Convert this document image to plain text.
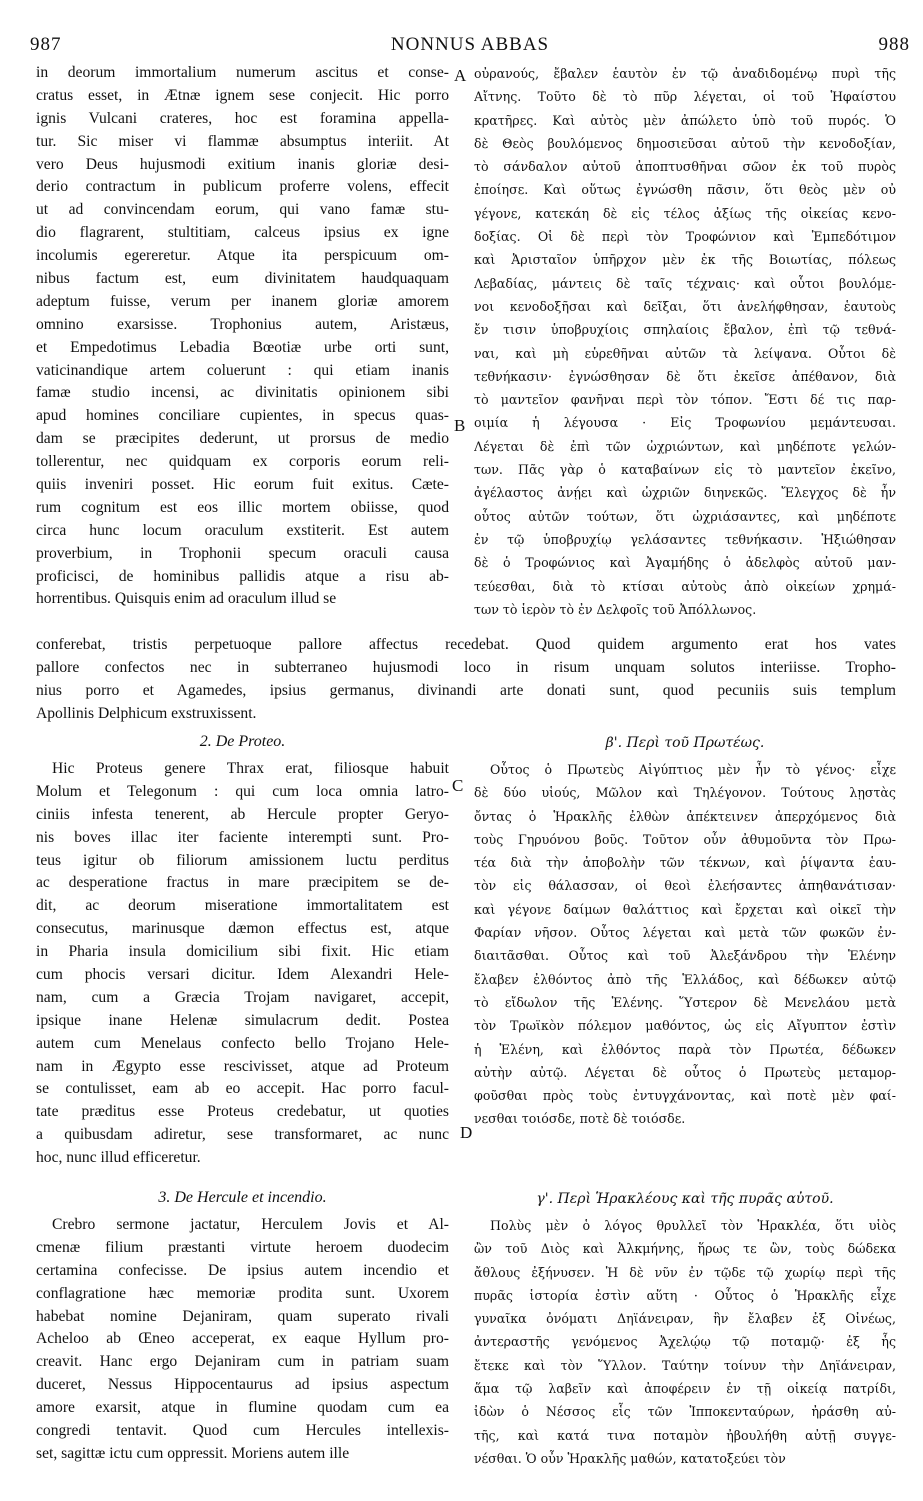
987	NONNUS ABBAS	988
in deorum immortalium numerum ascitus et conse-
cratus esset, in Ætnæ ignem sese conjecit. Hic porro
ignis Vulcani crateres, hoc est foramina appella-
tur. Sic miser vi flammæ absumptus interiit. At
vero Deus hujusmodi exitium inanis gloriæ desi-
derio contractum in publicum proferre volens, effecit
ut ad convincendam eorum, qui vano famæ stu-
dio flagrarent, stultitiam, calceus ipsius ex igne
incolumis egereretur. Atque ita perspicuum om-
nibus factum est, eum divinitatem haudquaquam
adeptum fuisse, verum per inanem gloriæ amorem
omnino exarsisse. Trophonius autem, Aristæus,
et Empedotimus Lebadia Bœotiæ urbe orti sunt,
vaticinandique artem coluerunt : qui etiam inanis
famæ studio incensi, ac divinitatis opinionem sibi
apud homines conciliare cupientes, in specus quas-
dam se præcipites dederunt, ut prorsus de medio
tollerentur, nec quidquam ex corporis eorum reli-
quiis inveniri posset. Hic eorum fuit exitus. Cæte-
rum cognitum est eos illic mortem obiisse, quod
circa hunc locum oraculum exstiterit. Est autem
proverbium, in Trophonii specum oraculi causa
proficisci, de hominibus pallidis atque a risu ab-
horrentibus. Quisquis enim ad oraculum illud se
οὐρανούς, ἔβαλεν ἑαυτὸν ἐν τῷ ἀναδιδομένῳ πυρὶ τῆς
Αἴτνης. Τοῦτο δὲ τὸ πῦρ λέγεται, οἱ τοῦ Ἡφαίστου
κρατῆρες. Καὶ αὐτὸς μὲν ἀπώλετο ὑπὸ τοῦ πυρός. Ὁ
δὲ Θεὸς βουλόμενος δημοσιεῦσαι αὐτοῦ τὴν κενοδοξίαν,
τὸ σάνδαλον αὐτοῦ ἀποπτυσθῆναι σῶον ἐκ τοῦ πυρὸς
ἐποίησε. Καὶ οὕτως ἐγνώσθη πᾶσιν, ὅτι θεὸς μὲν οὐ
γέγονε, κατεκάη δὲ εἰς τέλος ἀξίως τῆς οἰκείας κενο-
δοξίας. Οἱ δὲ περὶ τὸν Τροφώνιον καὶ Ἐμπεδότιμον
καὶ Ἀρισταῖον ὑπῆρχον μὲν ἐκ τῆς Βοιωτίας, πόλεως
Λεβαδίας, μάντεις δὲ ταῖς τέχναις· καὶ οὗτοι βουλόμε-
νοι κενοδοξῆσαι καὶ δεῖξαι, ὅτι ἀνελήφθησαν, ἑαυτοὺς
ἔν τισιν ὑποβρυχίοις σπηλαίοις ἔβαλον, ἐπὶ τῷ τεθνά-
ναι, καὶ μὴ εὑρεθῆναι αὐτῶν τὰ λείψανα. Οὗτοι δὲ
τεθνήκασιν· ἐγνώσθησαν δὲ ὅτι ἐκεῖσε ἀπέθανον, διὰ
τὸ μαντεῖον φανῆναι περὶ τὸν τόπον. Ἔστι δέ τις παρ-
οιμία ἡ λέγουσα · Εἰς Τροφωνίου μεμάντευσαι.
Λέγεται δὲ ἐπὶ τῶν ὠχριώντων, καὶ μηδέποτε γελών-
των. Πᾶς γὰρ ὁ καταβαίνων εἰς τὸ μαντεῖον ἐκεῖνο,
ἀγέλαστος ἀνῄει καὶ ὠχριῶν διηνεκῶς. Ἔλεγχος δὲ ἦν
οὗτος αὐτῶν τούτων, ὅτι ὠχριάσαντες, καὶ μηδέποτε
ἐν τῷ ὑποβρυχίῳ γελάσαντες τεθνήκασιν. Ἠξιώθησαν
δὲ ὁ Τροφώνιος καὶ Ἀγαμήδης ὁ ἀδελφὸς αὐτοῦ μαν-
τεύεσθαι, διὰ τὸ κτίσαι αὐτοὺς ἀπὸ οἰκείων χρημά-
των τὸ ἱερὸν τὸ ἐν Δελφοῖς τοῦ Ἀπόλλωνος.
conferebat, tristis perpetuoque pallore affectus recedebat. Quod quidem argumento erat hos vates
pallore confectos nec in subterraneo hujusmodi loco in risum unquam solutos interiisse. Tropho-
nius porro et Agamedes, ipsius germanus, divinandi arte donati sunt, quod pecuniis suis templum
Apollinis Delphicum exstruxissent.
2. De Proteo.	β'. Περὶ τοῦ Πρωτέως.
Hic Proteus genere Thrax erat, filiosque habuit
Molum et Telegonum : qui cum loca omnia latro-
ciniis infesta tenerent, ab Hercule propter Geryo-
nis boves illac iter faciente interempti sunt. Pro-
teus igitur ob filiorum amissionem luctu perditus
ac desperatione fractus in mare præcipitem se de-
dit, ac deorum miseratione immortalitatem est
consecutus, marinusque dæmon effectus est, atque
in Pharia insula domicilium sibi fixit. Hic etiam
cum phocis versari dicitur. Idem Alexandri Hele-
nam, cum a Græcia Trojam navigaret, accepit,
ipsique inane Helenæ simulacrum dedit. Postea
autem cum Menelaus confecto bello Trojano Hele-
nam in Ægypto esse rescivisset, atque ad Proteum
se contulisset, eam ab eo accepit. Hac porro facul-
tate præditus esse Proteus credebatur, ut quoties
a quibusdam adiretur, sese transformaret, ac nunc
hoc, nunc illud efficeretur.
Οὗτος ὁ Πρωτεὺς Αἰγύπτιος μὲν ἦν τὸ γένος· εἶχε
δὲ δύο υἱούς, Μῶλον καὶ Τηλέγονον. Τούτους λῃστὰς
ὄντας ὁ Ἡρακλῆς ἐλθὼν ἀπέκτεινεν ἀπερχόμενος διὰ
τοὺς Γηρυόνου βοῦς. Τοῦτον οὖν ἀθυμοῦντα τὸν Πρω-
τέα διὰ τὴν ἀποβολὴν τῶν τέκνων, καὶ ῥίψαντα ἑαυ-
τὸν εἰς θάλασσαν, οἱ θεοὶ ἐλεήσαντες ἀπηθανάτισαν·
καὶ γέγονε δαίμων θαλάττιος καὶ ἔρχεται καὶ οἰκεῖ τὴν
Φαρίαν νῆσον. Οὗτος λέγεται καὶ μετὰ τῶν φωκῶν ἐν-
διαιτᾶσθαι. Οὗτος καὶ τοῦ Ἀλεξάνδρου τὴν Ἑλένην
ἔλαβεν ἐλθόντος ἀπὸ τῆς Ἑλλάδος, καὶ δέδωκεν αὐτῷ
τὸ εἴδωλον τῆς Ἑλένης. Ὕστερον δὲ Μενελάου μετὰ
τὸν Τρωϊκὸν πόλεμον μαθόντος, ὡς εἰς Αἴγυπτον ἐστὶν
ἡ Ἑλένη, καὶ ἐλθόντος παρὰ τὸν Πρωτέα, δέδωκεν
αὐτὴν αὐτῷ. Λέγεται δὲ οὗτος ὁ Πρωτεὺς μεταμορ-
φοῦσθαι πρὸς τοὺς ἐντυγχάνοντας, καὶ ποτὲ μὲν φαί-
νεσθαι τοιόσδε, ποτὲ δὲ τοιόσδε.
3. De Hercule et incendio.	γ'. Περὶ Ἡρακλέους καὶ τῆς πυρᾶς αὐτοῦ.
Crebro sermone jactatur, Herculem Jovis et Al-
cmenæ filium præstanti virtute heroem duodecim
certamina confecisse. De ipsius autem incendio et
conflagratione hæc memoriæ prodita sunt. Uxorem
habebat nomine Dejaniram, quam superato rivali
Acheloo ab Œneo acceperat, ex eaque Hyllum pro-
creavit. Hanc ergo Dejaniram cum in patriam suam
duceret, Nessus Hippocentaurus ad ipsius aspectum
amore exarsit, atque in flumine quodam cum ea
congredi tentavit. Quod cum Hercules intellexis-
set, sagittæ ictu cum oppressit. Moriens autem ille
Πολὺς μὲν ὁ λόγος θρυλλεῖ τὸν Ἡρακλέα, ὅτι υἱὸς
ὢν τοῦ Διὸς καὶ Ἀλκμήνης, ἥρως τε ὢν, τοὺς δώδεκα
ἄθλους ἐξήνυσεν. Ἡ δὲ νῦν ἐν τῷδε τῷ χωρίῳ περὶ τῆς
πυρᾶς ἱστορία ἐστὶν αὕτη · Οὗτος ὁ Ἡρακλῆς εἶχε
γυναῖκα ὀνόματι Δηϊάνειραν, ἣν ἔλαβεν ἐξ Οἰνέως,
ἀντεραστῆς γενόμενος Ἀχελῴῳ τῷ ποταμῷ· ἐξ ἧς
ἔτεκε καὶ τὸν Ὕλλον. Ταύτην τοίνυν τὴν Δηϊάνειραν,
ἅμα τῷ λαβεῖν καὶ ἀποφέρειν ἐν τῇ οἰκείᾳ πατρίδι,
ἰδὼν ὁ Νέσσος εἷς τῶν Ἱπποκενταύρων, ἠράσθη αὐ-
τῆς, καὶ κατά τινα ποταμὸν ἠβουλήθη αὐτῇ συγγε-
νέσθαι. Ὁ οὖν Ἡρακλῆς μαθών, κατατοξεύει τὸν
A
B
C
D
